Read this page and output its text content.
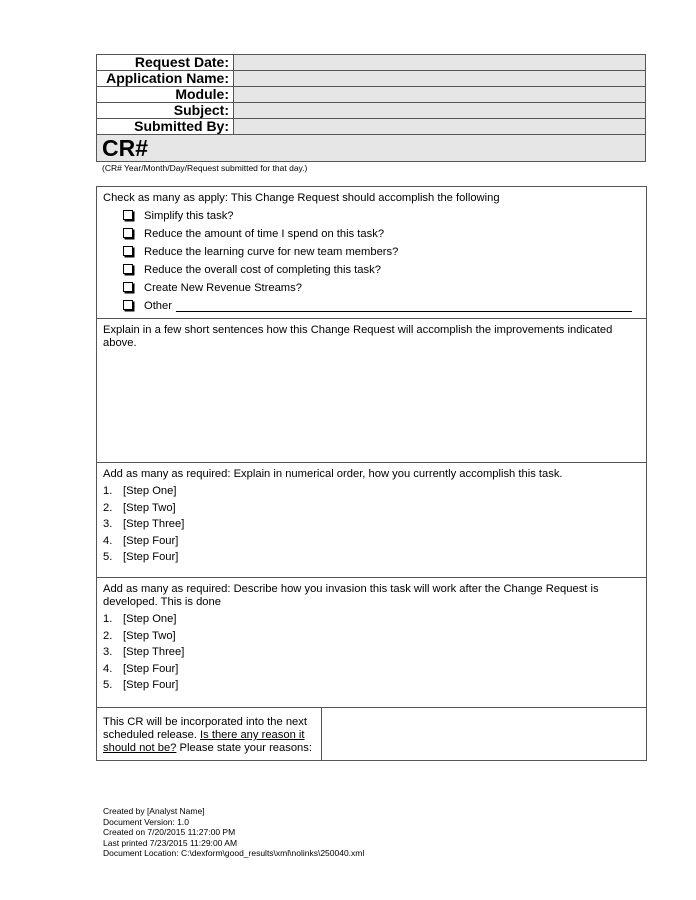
Request Date:	
Application Name:	
Module:	
Subject:	
Submitted By:	
CR#	
(CR# Year/Month/Day/Request submitted for that day.)
Check as many as apply: This Change Request should accomplish the following
Simplify this task?
Reduce the amount of time I spend on this task?
Reduce the learning curve for new team members?
Reduce the overall cost of completing this task?
Create New Revenue Streams?
Other
Explain in a few short sentences how this Change Request will accomplish the improvements indicated above.
Add as many as required: Explain in numerical order, how you currently accomplish this task.
1. [Step One]
2. [Step Two]
3. [Step Three]
4. [Step Four]
5. [Step Four]
Add as many as required: Describe how you invasion this task will work after the Change Request is developed. This is done
1. [Step One]
2. [Step Two]
3. [Step Three]
4. [Step Four]
5. [Step Four]
This CR will be incorporated into the next scheduled release. Is there any reason it should not be? Please state your reasons:
Created by [Analyst Name]
Document Version: 1.0
Created on 7/20/2015 11:27:00 PM
Last printed 7/23/2015 11:29:00 AM
Document Location: C:\dexform\good_results\xml\nolinks\250040.xml
